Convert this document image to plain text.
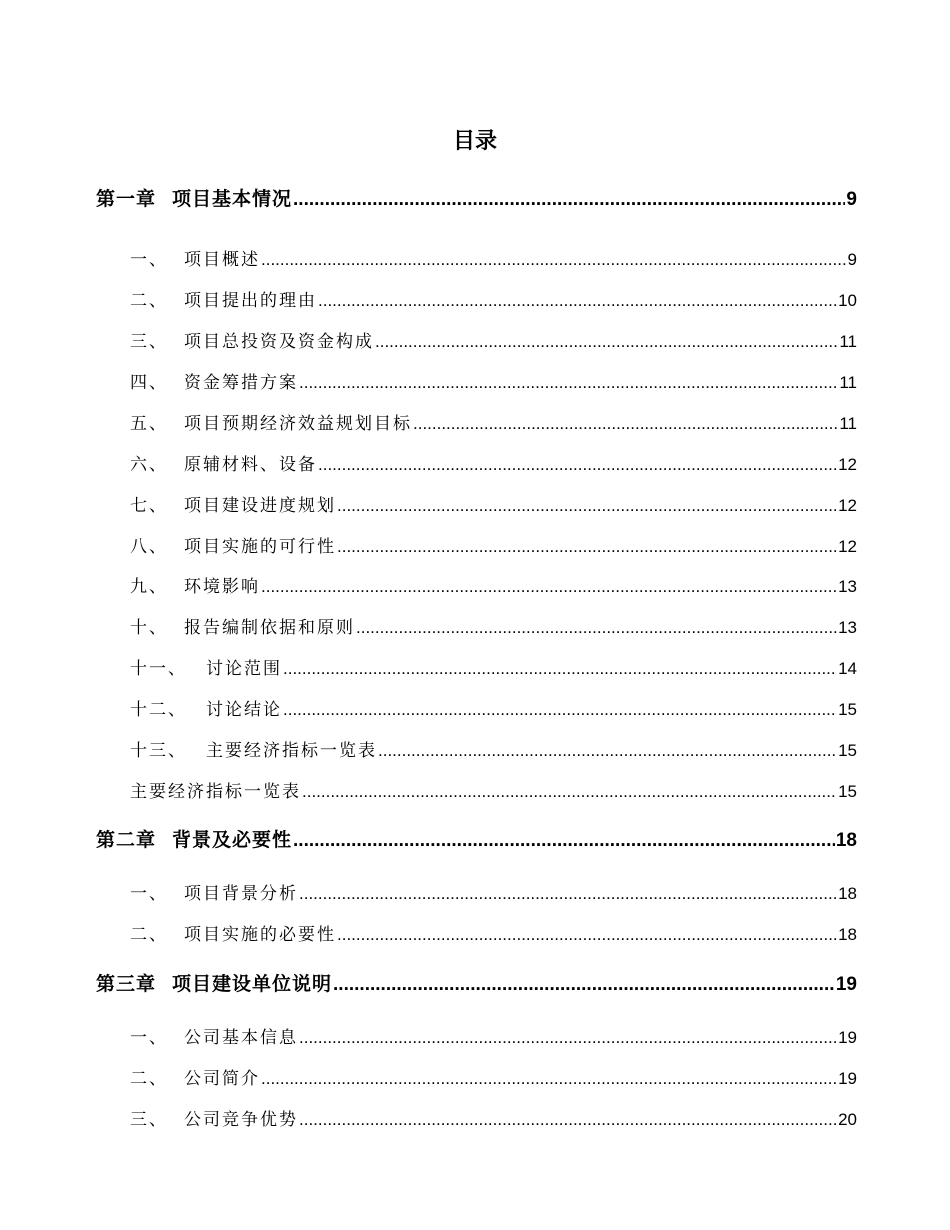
目录
第一章 项目基本情况 .....	9
一、 项目概述 .....	9
二、 项目提出的理由 .....	10
三、 项目总投资及资金构成 .....	11
四、 资金筹措方案 .....	11
五、 项目预期经济效益规划目标 .....	11
六、 原辅材料、设备 .....	12
七、 项目建设进度规划 .....	12
八、 项目实施的可行性 .....	12
九、 环境影响 .....	13
十、 报告编制依据和原则 .....	13
十一、	讨论范围 .....	14
十二、	讨论结论 .....	15
十三、	主要经济指标一览表 .....	15
主要经济指标一览表 .....	15
第二章 背景及必要性 .....	18
一、 项目背景分析 .....	18
二、 项目实施的必要性 .....	18
第三章 项目建设单位说明 .....	19
一、 公司基本信息 .....	19
二、 公司简介 .....	19
三、 公司竞争优势 .....	20
